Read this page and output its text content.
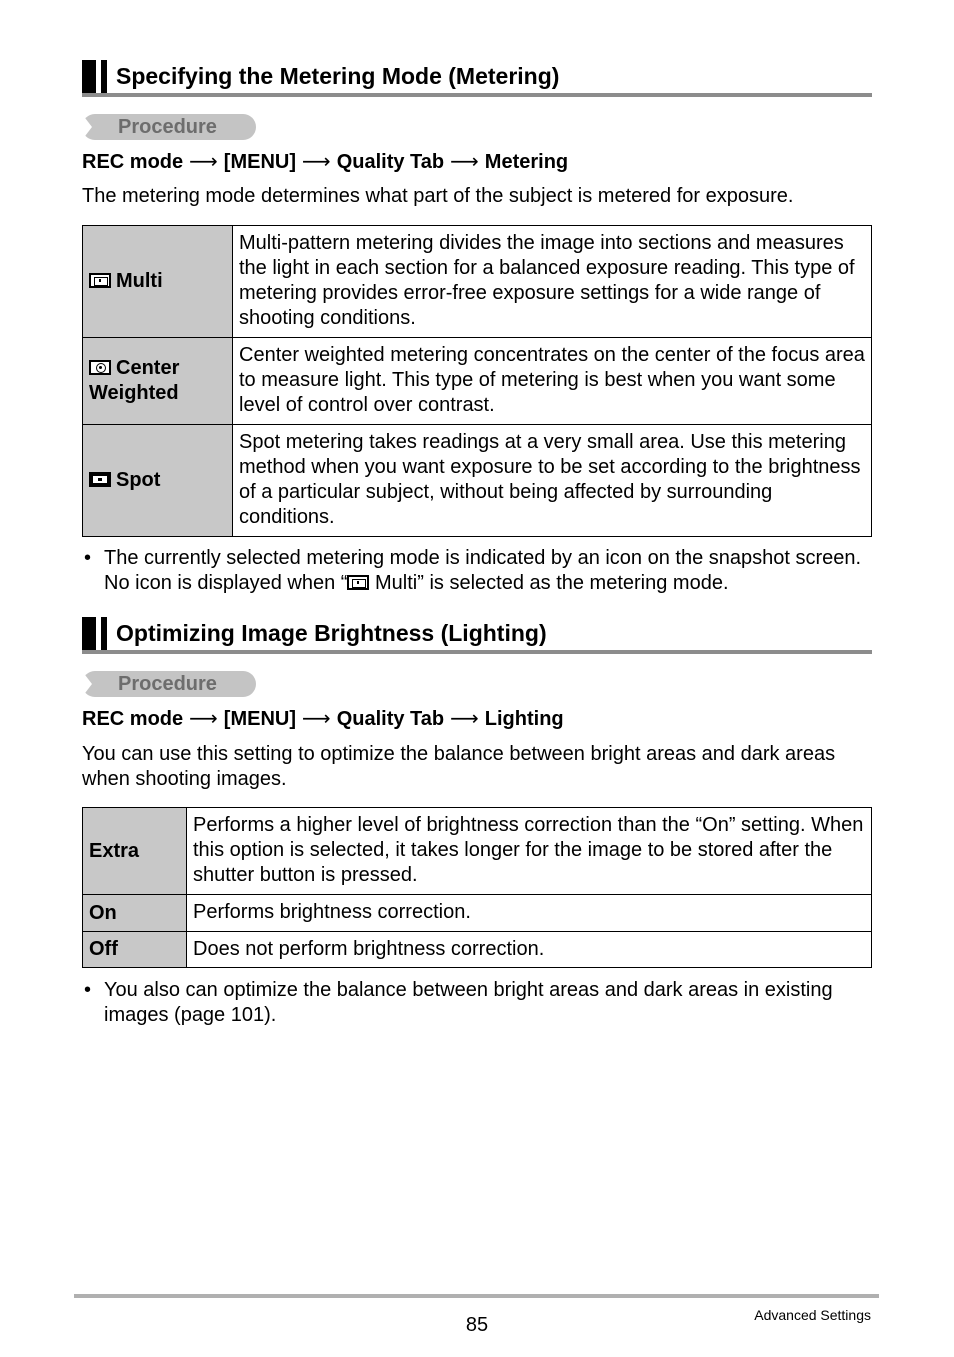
Specifying the Metering Mode (Metering)
Procedure
REC mode ⟶ [MENU] ⟶ Quality Tab ⟶ Metering
The metering mode determines what part of the subject is metered for exposure.
Multi	Multi-pattern metering divides the image into sections and measures the light in each section for a balanced exposure reading. This type of metering provides error-free exposure settings for a wide range of shooting conditions.
Center Weighted	Center weighted metering concentrates on the center of the focus area to measure light. This type of metering is best when you want some level of control over contrast.
Spot	Spot metering takes readings at a very small area. Use this metering method when you want exposure to be set according to the brightness of a particular subject, without being affected by surrounding conditions.
• The currently selected metering mode is indicated by an icon on the snapshot screen. No icon is displayed when “ Multi” is selected as the metering mode.
Optimizing Image Brightness (Lighting)
Procedure
REC mode ⟶ [MENU] ⟶ Quality Tab ⟶ Lighting
You can use this setting to optimize the balance between bright areas and dark areas when shooting images.
Extra	Performs a higher level of brightness correction than the “On” setting. When this option is selected, it takes longer for the image to be stored after the shutter button is pressed.
On	Performs brightness correction.
Off	Does not perform brightness correction.
• You also can optimize the balance between bright areas and dark areas in existing images (page 101).
85	Advanced Settings
